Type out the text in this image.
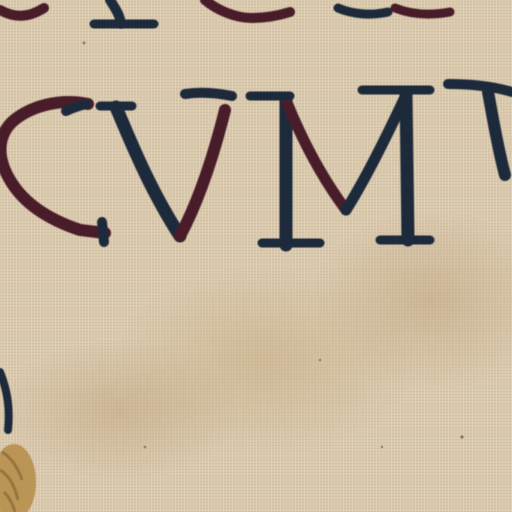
I
CVMI
